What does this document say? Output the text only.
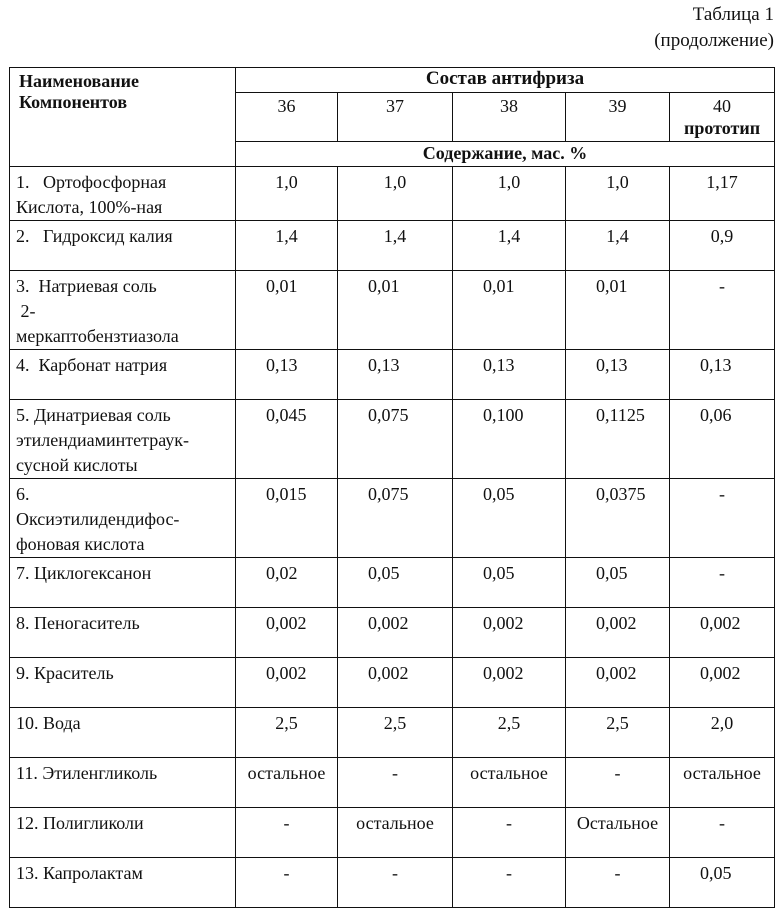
Таблица 1
(продолжение)
Наименование
Компонентов	Состав антифриза				
	36	37	38	39	40
прототип

	Содержание, мас. %				

1.   Ортофосфорная
Кислота, 100%-ная	1,0	1,0	1,0	1,0	1,17

2.   Гидроксид калия	1,4	1,4	1,4	1,4	0,9

3.  Натриевая соль
2-
меркаптобензтиазола	0,01	0,01	0,01	0,01	-

4.  Карбонат натрия	0,13	0,13	0,13	0,13	0,13

5. Динатриевая соль
этилендиаминтетраук-
сусной кислоты	0,045	0,075	0,100	0,1125	0,06

6.
Оксиэтилидендифос-
фоновая кислота	0,015	0,075	0,05	0,0375	-

7. Циклогексанон	0,02	0,05	0,05	0,05	-

8. Пеногаситель	0,002	0,002	0,002	0,002	0,002

9. Краситель	0,002	0,002	0,002	0,002	0,002

10. Вода	2,5	2,5	2,5	2,5	2,0

11. Этиленгликоль	остальное	-	остальное	-	остальное

12. Полигликоли	-	остальное	-	Остальное	-

13. Капролактам	-	-	-	-	0,05
